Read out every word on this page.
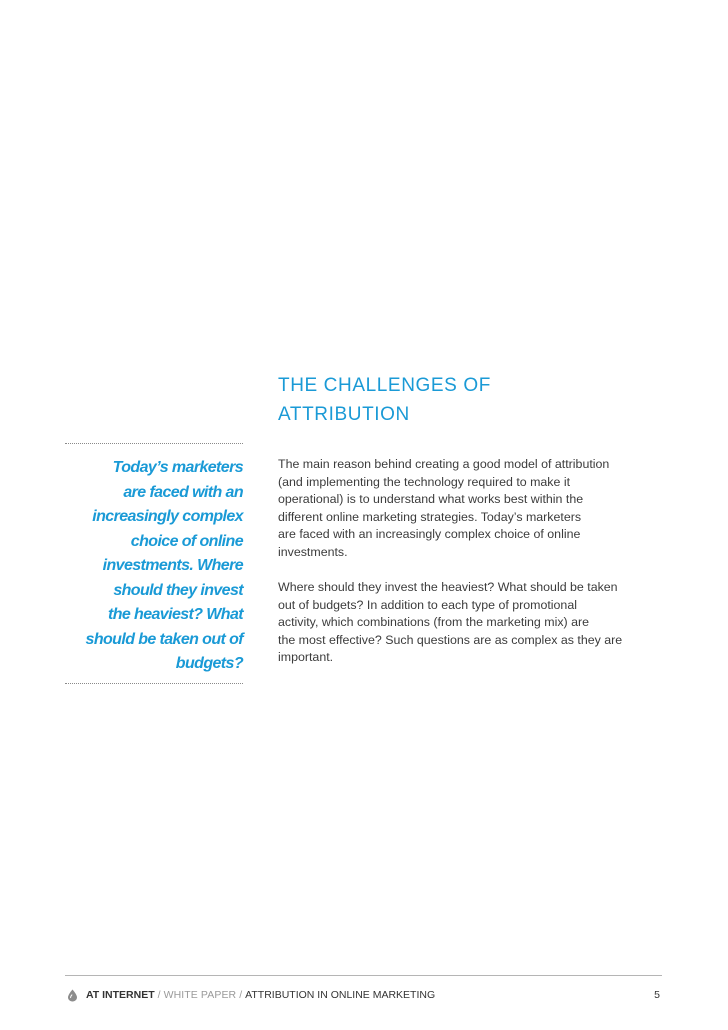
THE CHALLENGES OF
ATTRIBUTION
Today’s marketers
are faced with an
increasingly complex
choice of online
investments. Where
should they invest
the heaviest? What
should be taken out of
budgets?

The main reason behind creating a good model of attribution
(and implementing the technology required to make it
operational) is to understand what works best within the
different online marketing strategies. Today’s marketers
are faced with an increasingly complex choice of online
investments.

Where should they invest the heaviest? What should be taken
out of budgets? In addition to each type of promotional
activity, which combinations (from the marketing mix) are
the most effective? Such questions are as complex as they are
important.

AT INTERNET / WHITE PAPER / ATTRIBUTION IN ONLINE MARKETING	5
